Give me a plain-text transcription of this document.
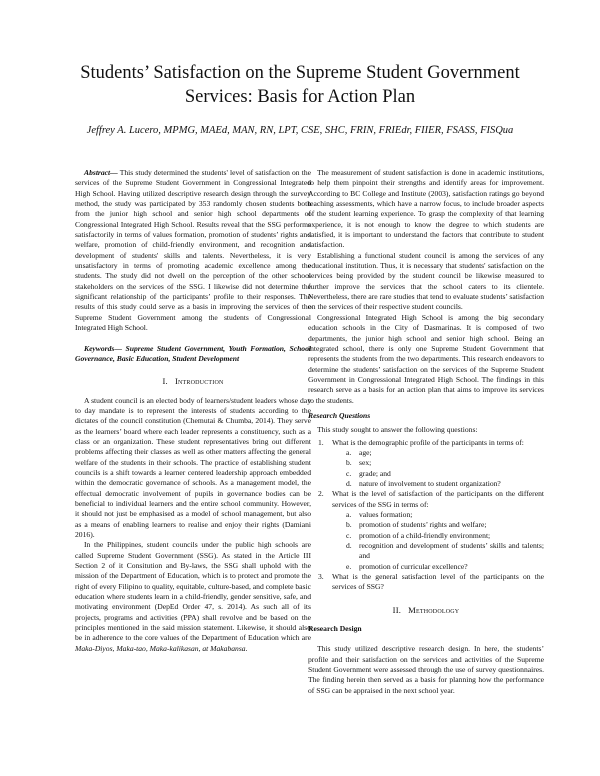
Students’ Satisfaction on the Supreme Student Government
Services: Basis for Action Plan
Jeffrey A. Lucero, MPMG, MAEd, MAN, RN, LPT, CSE, SHC, FRIN, FRIEdr, FIIER, FSASS, FISQua

Abstract— This study determined the students' level of satisfaction on the services of the Supreme Student Government in Congressional Integrated High School. Having utilized descriptive research design through the survey method, the study was participated by 353 randomly chosen students both from the junior high school and senior high school departments of Congressional Integrated High School. Results reveal that the SSG performs satisfactorily in terms of values formation, promotion of students’ rights and welfare, promotion of child-friendly environment, and recognition and development of students' skills and talents. Nevertheless, it is very unsatisfactory in terms of promoting academic excellence among the students. The study did not dwell on the perception of the other school stakeholders on the services of the SSG. I likewise did not determine the significant relationship of the participants’ profile to their responses. The results of this study could serve as a basis in improving the services of the Supreme Student Government among the students of Congressional Integrated High School.

Keywords— Supreme Student Government, Youth Formation, School Governance, Basic Education, Student Development

I. Introduction

A student council is an elected body of learners/student leaders whose day to day mandate is to represent the interests of students according to the dictates of the council constitution (Chemutai & Chumba, 2014). They serve as the learners’ board where each leader represents a constituency, such as a class or an organization. These student representatives bring out different problems affecting their classes as well as other matters affecting the general welfare of the students in their schools. The practice of establishing student councils is a shift towards a learner centered leadership approach embedded within the democratic governance of schools. As a management model, the effectual democratic involvement of pupils in governance bodies can be beneficial to individual learners and the entire school community. However, it should not just be emphasised as a model of school management, but also as a means of enabling learners to realise and enjoy their rights (Damiani 2016).

In the Philippines, student councils under the public high schools are called Supreme Student Government (SSG). As stated in the Article III Section 2 of it Consitution and By-laws, the SSG shall uphold with the mission of the Department of Education, which is to protect and promote the right of every Filipino to quality, equitable, culture-based, and complete basic education where students learn in a child-friendly, gender sensitive, safe, and motivating environment (DepEd Order 47, s. 2014). As such all of its projects, programs and activities (PPA) shall revolve and be based on the principles mentioned in the said mission statement. Likewise, it should also be in adherence to the core values of the Department of Education which are Maka-Diyos, Maka-tao, Maka-kalikasan, at Makabansa.

The measurement of student satisfaction is done in academic institutions, to help them pinpoint their strengths and identify areas for improvement. According to BC College and Institute (2003), satisfaction ratings go beyond teaching assessments, which have a narrow focus, to include broader aspects of the student learning experience. To grasp the complexity of that learning experience, it is not enough to know the degree to which students are satisfied, it is important to understand the factors that contribute to student satisfaction.

Establishing a functional student council is among the services of any educational institution. Thus, it is necessary that students' satisfaction on the services being provided by the student council be likewise measured to further improve the services that the school caters to its clientele. Nevertheless, there are rare studies that tend to evaluate students’ satisfaction on the services of their respective student councils.

Congressional Integrated High School is among the big secondary education schools in the City of Dasmarinas. It is composed of two departments, the junior high school and senior high school. Being an integrated school, there is only one Supreme Student Government that represents the students from the two departments. This research endeavors to determine the students’ satisfaction on the services of the Supreme Student Government in Congressional Integrated High School. The findings in this research serve as a basis for an action plan that aims to improve its services to the students.

Research Questions

This study sought to answer the following questions:

1. What is the demographic profile of the participants in terms of:
a. age;
b. sex;
c. grade; and
d. nature of involvement to student organization?
2. What is the level of satisfaction of the participants on the different services of the SSG in terms of:
a. values formation;
b. promotion of students’ rights and welfare;
c. promotion of a child-friendly environment;
d. recognition and development of students’ skills and talents; and
e. promotion of curricular excellence?
3. What is the general satisfaction level of the participants on the services of SSG?
II. Methodology
Research Design

This study utilized descriptive research design. In here, the students’ profile and their satisfaction on the services and activities of the Supreme Student Government were assessed through the use of survey questionnaires. The finding herein then served as a basis for planning how the performance of SSG can be appraised in the next school year.
